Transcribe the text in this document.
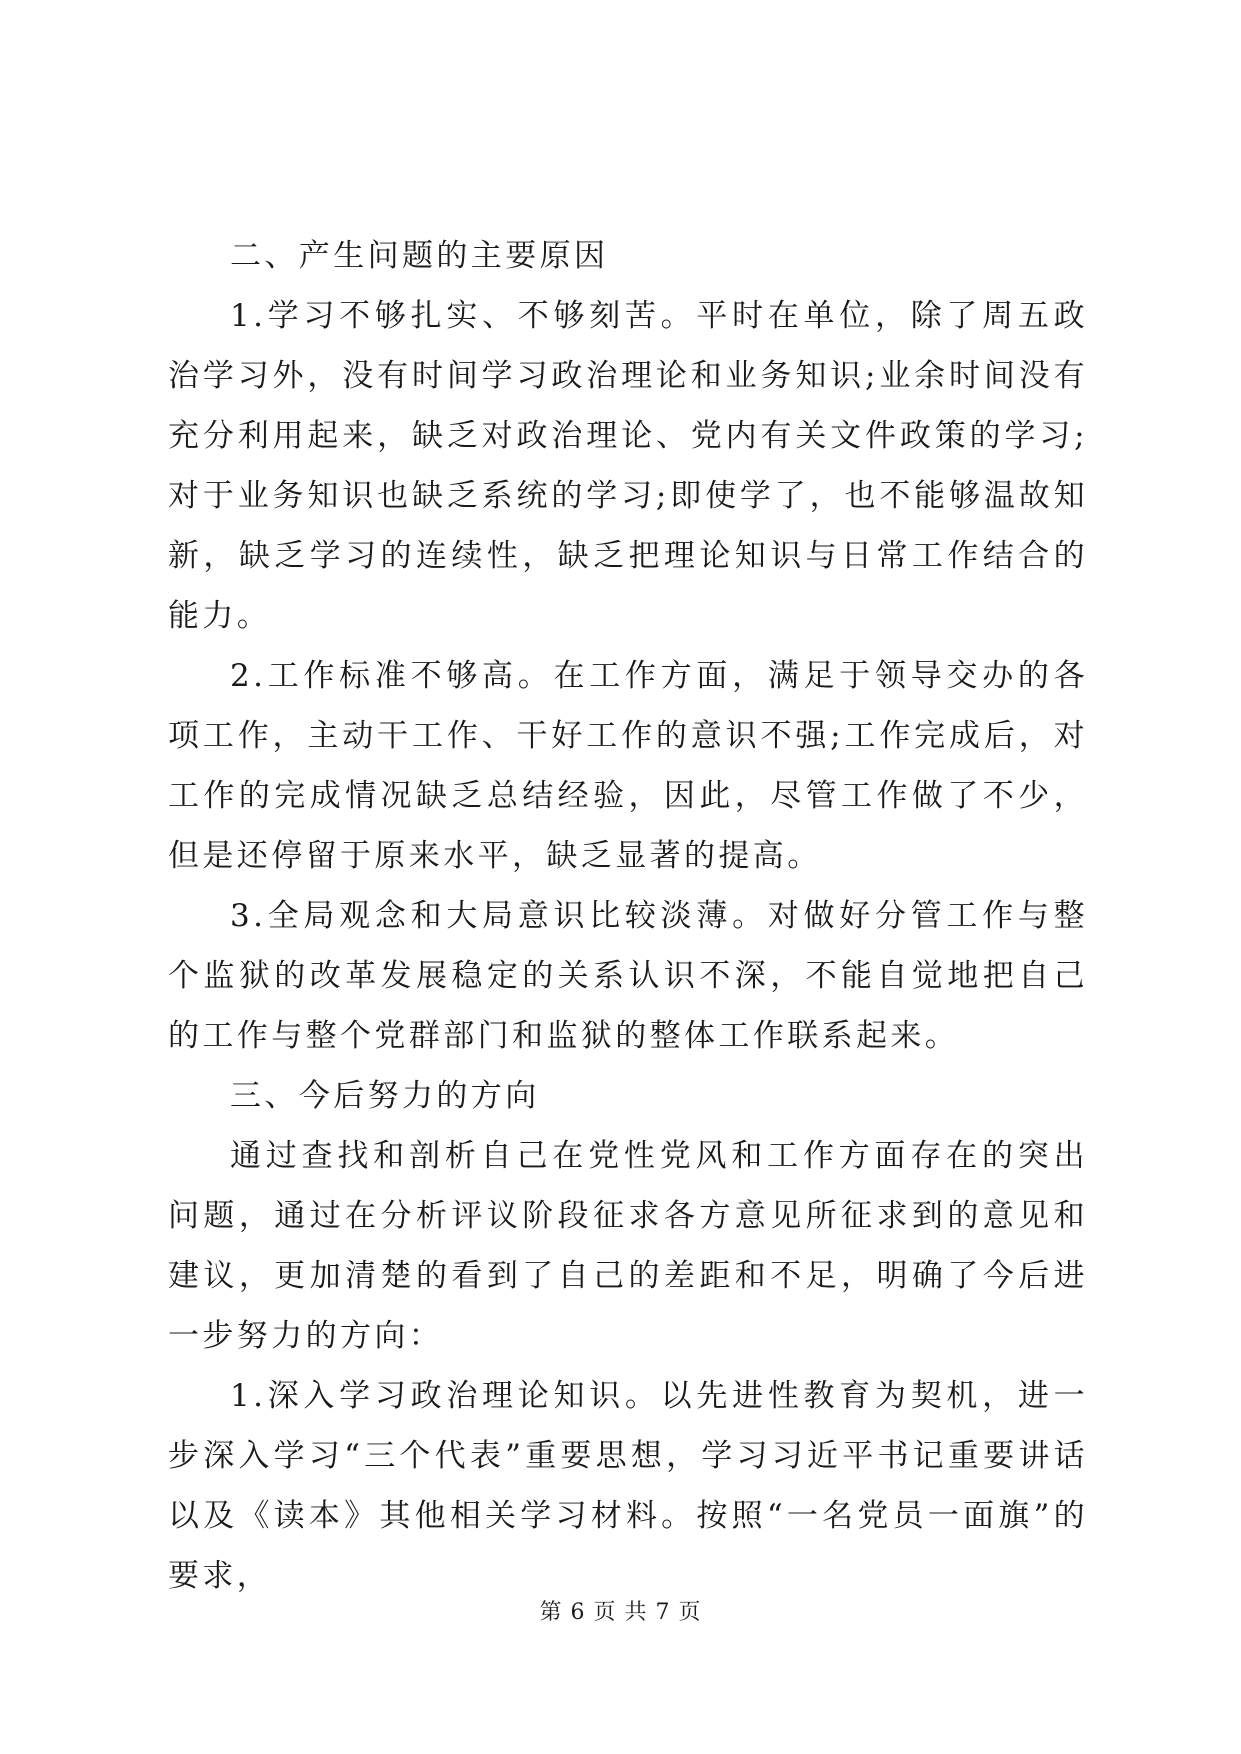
二、产生问题的主要原因

1.学习不够扎实、不够刻苦。平时在单位，除了周五政治学习外，没有时间学习政治理论和业务知识;业余时间没有充分利用起来，缺乏对政治理论、党内有关文件政策的学习;对于业务知识也缺乏系统的学习;即使学了，也不能够温故知新，缺乏学习的连续性，缺乏把理论知识与日常工作结合的能力。

2.工作标准不够高。在工作方面，满足于领导交办的各项工作，主动干工作、干好工作的意识不强;工作完成后，对工作的完成情况缺乏总结经验，因此，尽管工作做了不少，但是还停留于原来水平，缺乏显著的提高。

3.全局观念和大局意识比较淡薄。对做好分管工作与整个监狱的改革发展稳定的关系认识不深，不能自觉地把自己的工作与整个党群部门和监狱的整体工作联系起来。

三、今后努力的方向

通过查找和剖析自己在党性党风和工作方面存在的突出问题，通过在分析评议阶段征求各方意见所征求到的意见和建议，更加清楚的看到了自己的差距和不足，明确了今后进一步努力的方向：

1.深入学习政治理论知识。以先进性教育为契机，进一步深入学习“三个代表”重要思想，学习习近平书记重要讲话以及《读本》其他相关学习材料。按照“一名党员一面旗”的要求，

第 6 页 共 7 页
